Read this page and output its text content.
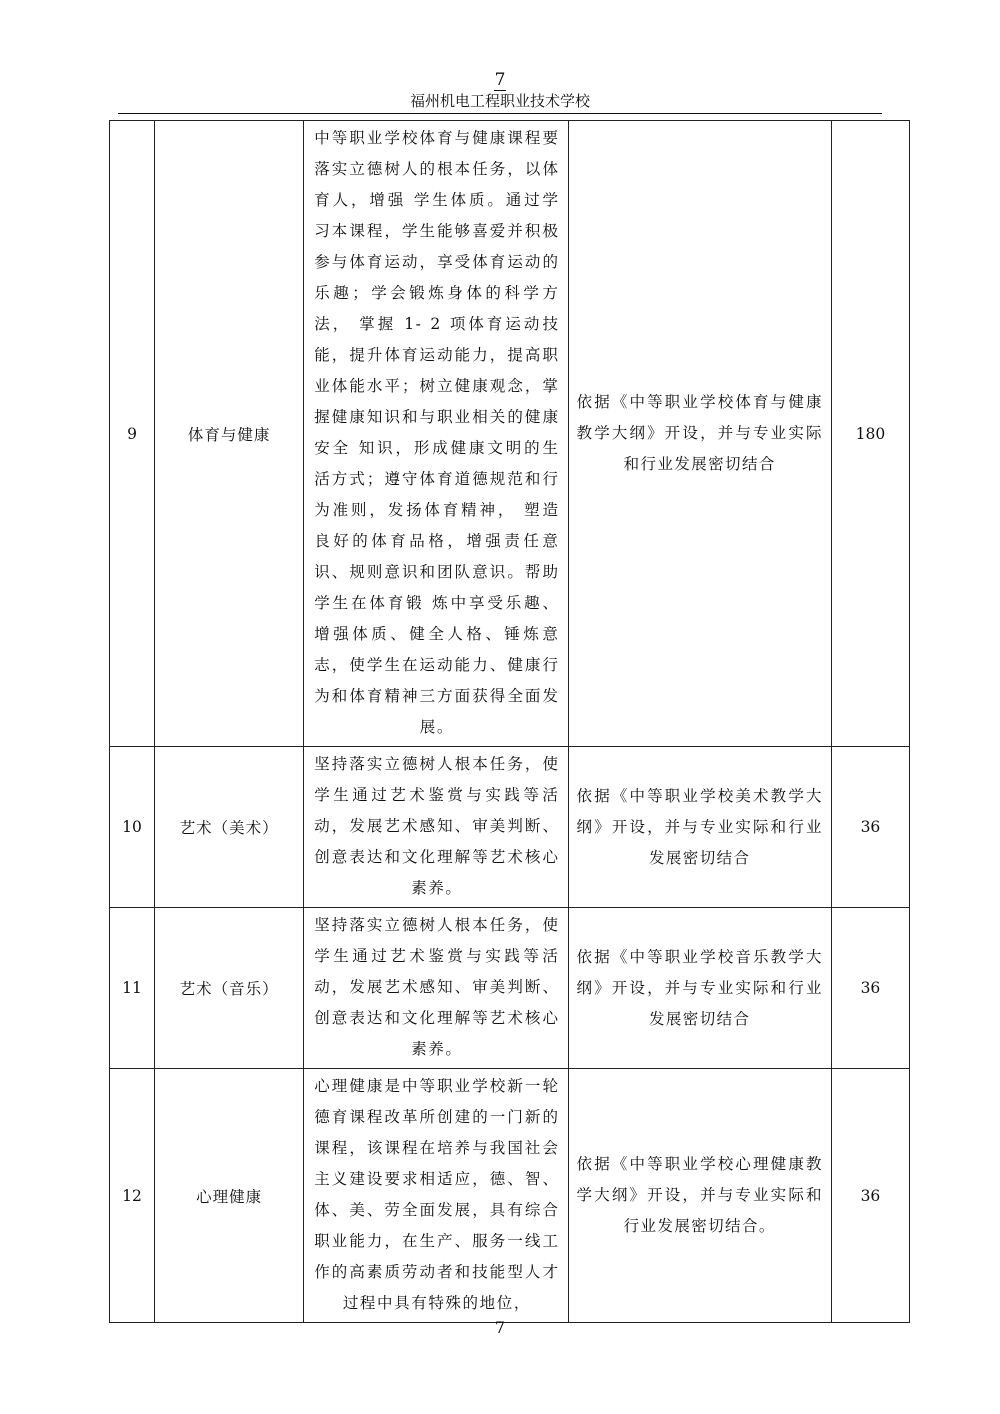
7
福州机电工程职业技术学校
9	体育与健康	中等职业学校体育与健康课程要落实立德树人的根本任务，以体育人，增强 学生体质。通过学习本课程，学生能够喜爱并积极参与体育运动，享受体育运动的乐趣；学会锻炼身体的科学方法， 掌握 1- 2 项体育运动技能，提升体育运动能力，提高职业体能水平；树立健康观念，掌握健康知识和与职业相关的健康安全 知识，形成健康文明的生活方式；遵守体育道德规范和行为准则，发扬体育精神， 塑造良好的体育品格，增强责任意识、规则意识和团队意识。帮助学生在体育锻 炼中享受乐趣、增强体质、健全人格、锤炼意志，使学生在运动能力、健康行为和体育精神三方面获得全面发展。	依据《中等职业学校体育与健康教学大纲》开设，并与专业实际和行业发展密切结合	180
10	艺术（美术）	坚持落实立德树人根本任务，使学生通过艺术鉴赏与实践等活动，发展艺术感知、审美判断、创意表达和文化理解等艺术核心素养。	依据《中等职业学校美术教学大纲》开设，并与专业实际和行业发展密切结合	36
11	艺术（音乐）	坚持落实立德树人根本任务，使学生通过艺术鉴赏与实践等活动，发展艺术感知、审美判断、创意表达和文化理解等艺术核心素养。	依据《中等职业学校音乐教学大纲》开设，并与专业实际和行业发展密切结合	36
12	心理健康	心理健康是中等职业学校新一轮德育课程改革所创建的一门新的课程，该课程在培养与我国社会主义建设要求相适应，德、智、体、美、劳全面发展，具有综合职业能力，在生产、服务一线工作的高素质劳动者和技能型人才过程中具有特殊的地位，	依据《中等职业学校心理健康教学大纲》开设，并与专业实际和行业发展密切结合。	36
7
